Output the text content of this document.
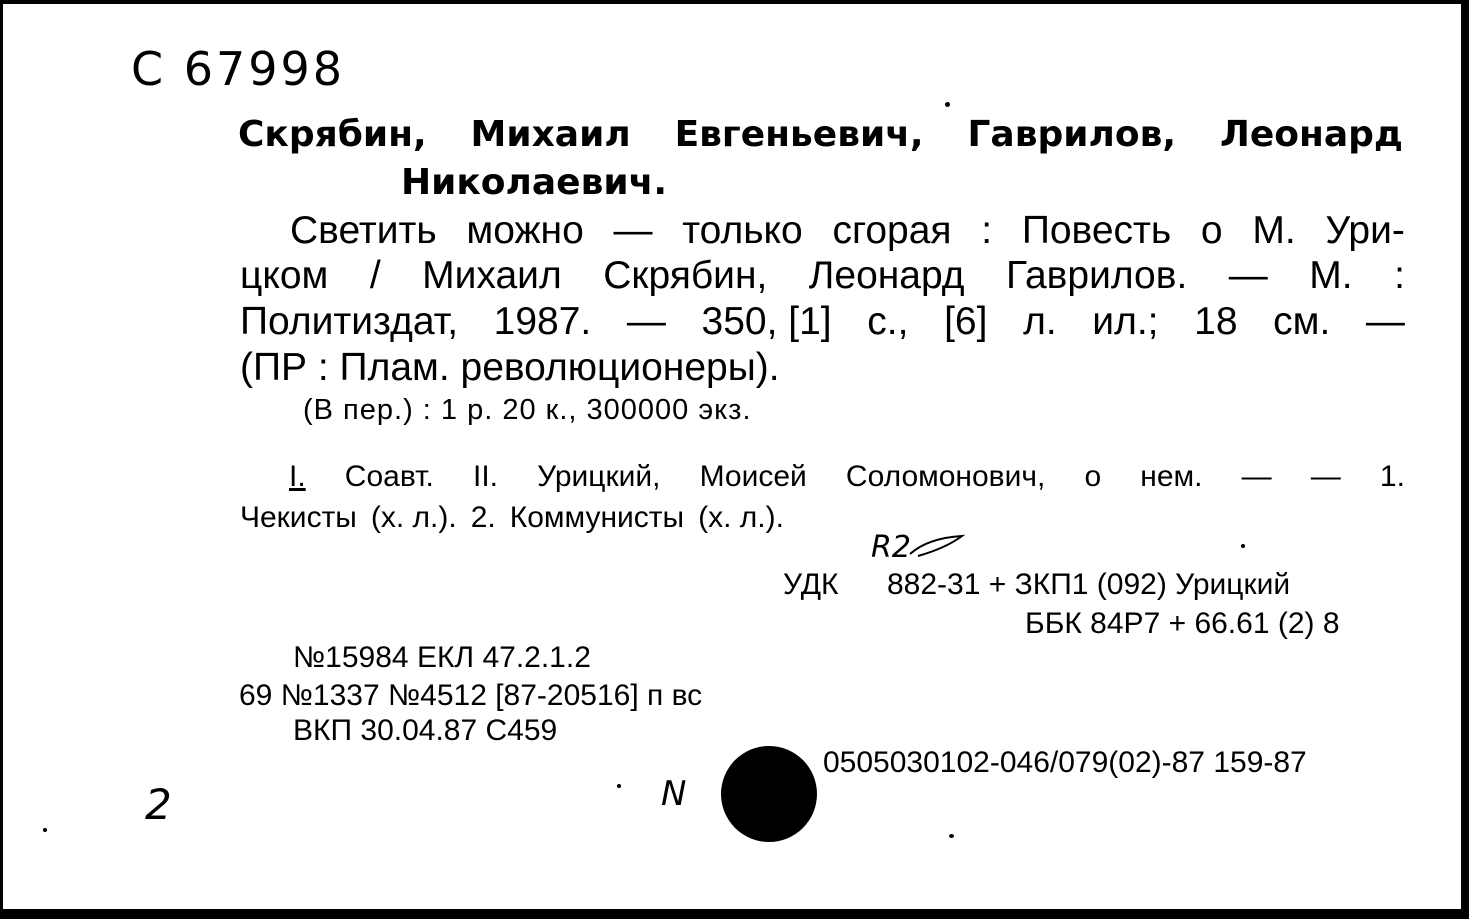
С 67998
Скрябин, Михаил Евгеньевич, Гаврилов, Леонард
Николаевич.
Светить можно — только сгорая : Повесть о М. Ури-
цком / Михаил Скрябин, Леонард Гаврилов. — М. :
Политиздат, 1987. — 350, [1] с., [6] л. ил.; 18 см. —
(ПР : Плам. революционеры).
(В пер.) : 1 р. 20 к., 300000 экз.
I. Соавт. II. Урицкий, Моисей Соломонович, о нем. — — 1.
Чекисты (х. л.). 2. Коммунисты (х. л.).
R2
УДК 882-31 + ЗКП1 (092) Урицкий
ББК 84Р7 + 66.61 (2) 8
№15984 ЕКЛ 47.2.1.2
69 №1337 №4512 [87-20516] п вс
ВКП 30.04.87 С459
0505030102-046/079(02)-87 159-87
2	N
